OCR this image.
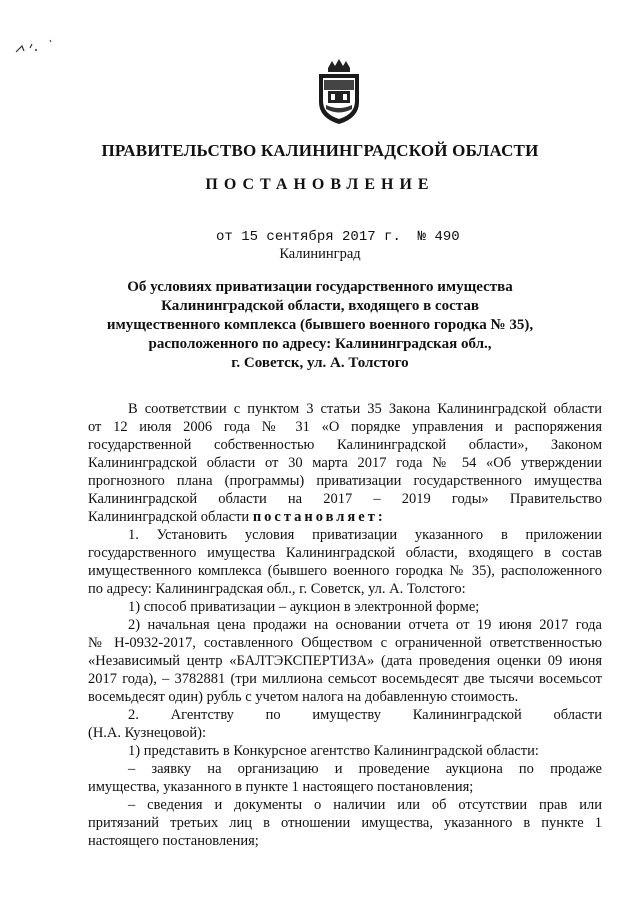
ПРАВИТЕЛЬСТВО КАЛИНИНГРАДСКОЙ ОБЛАСТИ
ПОСТАНОВЛЕНИЕ
от 15 сентября 2017 г. № 490
Калининград
Об условиях приватизации государственного имущества
Калининградской области, входящего в состав
имущественного комплекса (бывшего военного городка № 35),
расположенного по адресу: Калининградская обл.,
г. Советск, ул. А. Толстого
В соответствии с пунктом 3 статьи 35 Закона Калининградской области
от 12 июля 2006 года № 31 «О порядке управления и распоряжения
государственной собственностью Калининградской области», Законом
Калининградской области от 30 марта 2017 года № 54 «Об утверждении
прогнозного плана (программы) приватизации государственного имущества
Калининградской области на 2017 – 2019 годы» Правительство
Калининградской области постановляет:
1. Установить условия приватизации указанного в приложении
государственного имущества Калининградской области, входящего в состав
имущественного комплекса (бывшего военного городка № 35), расположенного
по адресу: Калининградская обл., г. Советск, ул. А. Толстого:
1) способ приватизации – аукцион в электронной форме;
2) начальная цена продажи на основании отчета от 19 июня 2017 года
№ Н-0932-2017, составленного Обществом с ограниченной ответственностью
«Независимый центр «БАЛТЭКСПЕРТИЗА» (дата проведения оценки 09 июня
2017 года), – 3782881 (три миллиона семьсот восемьдесят две тысячи восемьсот
восемьдесят один) рубль с учетом налога на добавленную стоимость.
2. Агентству по имуществу Калининградской области
(Н.А. Кузнецовой):
1) представить в Конкурсное агентство Калининградской области:
– заявку на организацию и проведение аукциона по продаже
имущества, указанного в пункте 1 настоящего постановления;
– сведения и документы о наличии или об отсутствии прав или
притязаний третьих лиц в отношении имущества, указанного в пункте 1
настоящего постановления;
